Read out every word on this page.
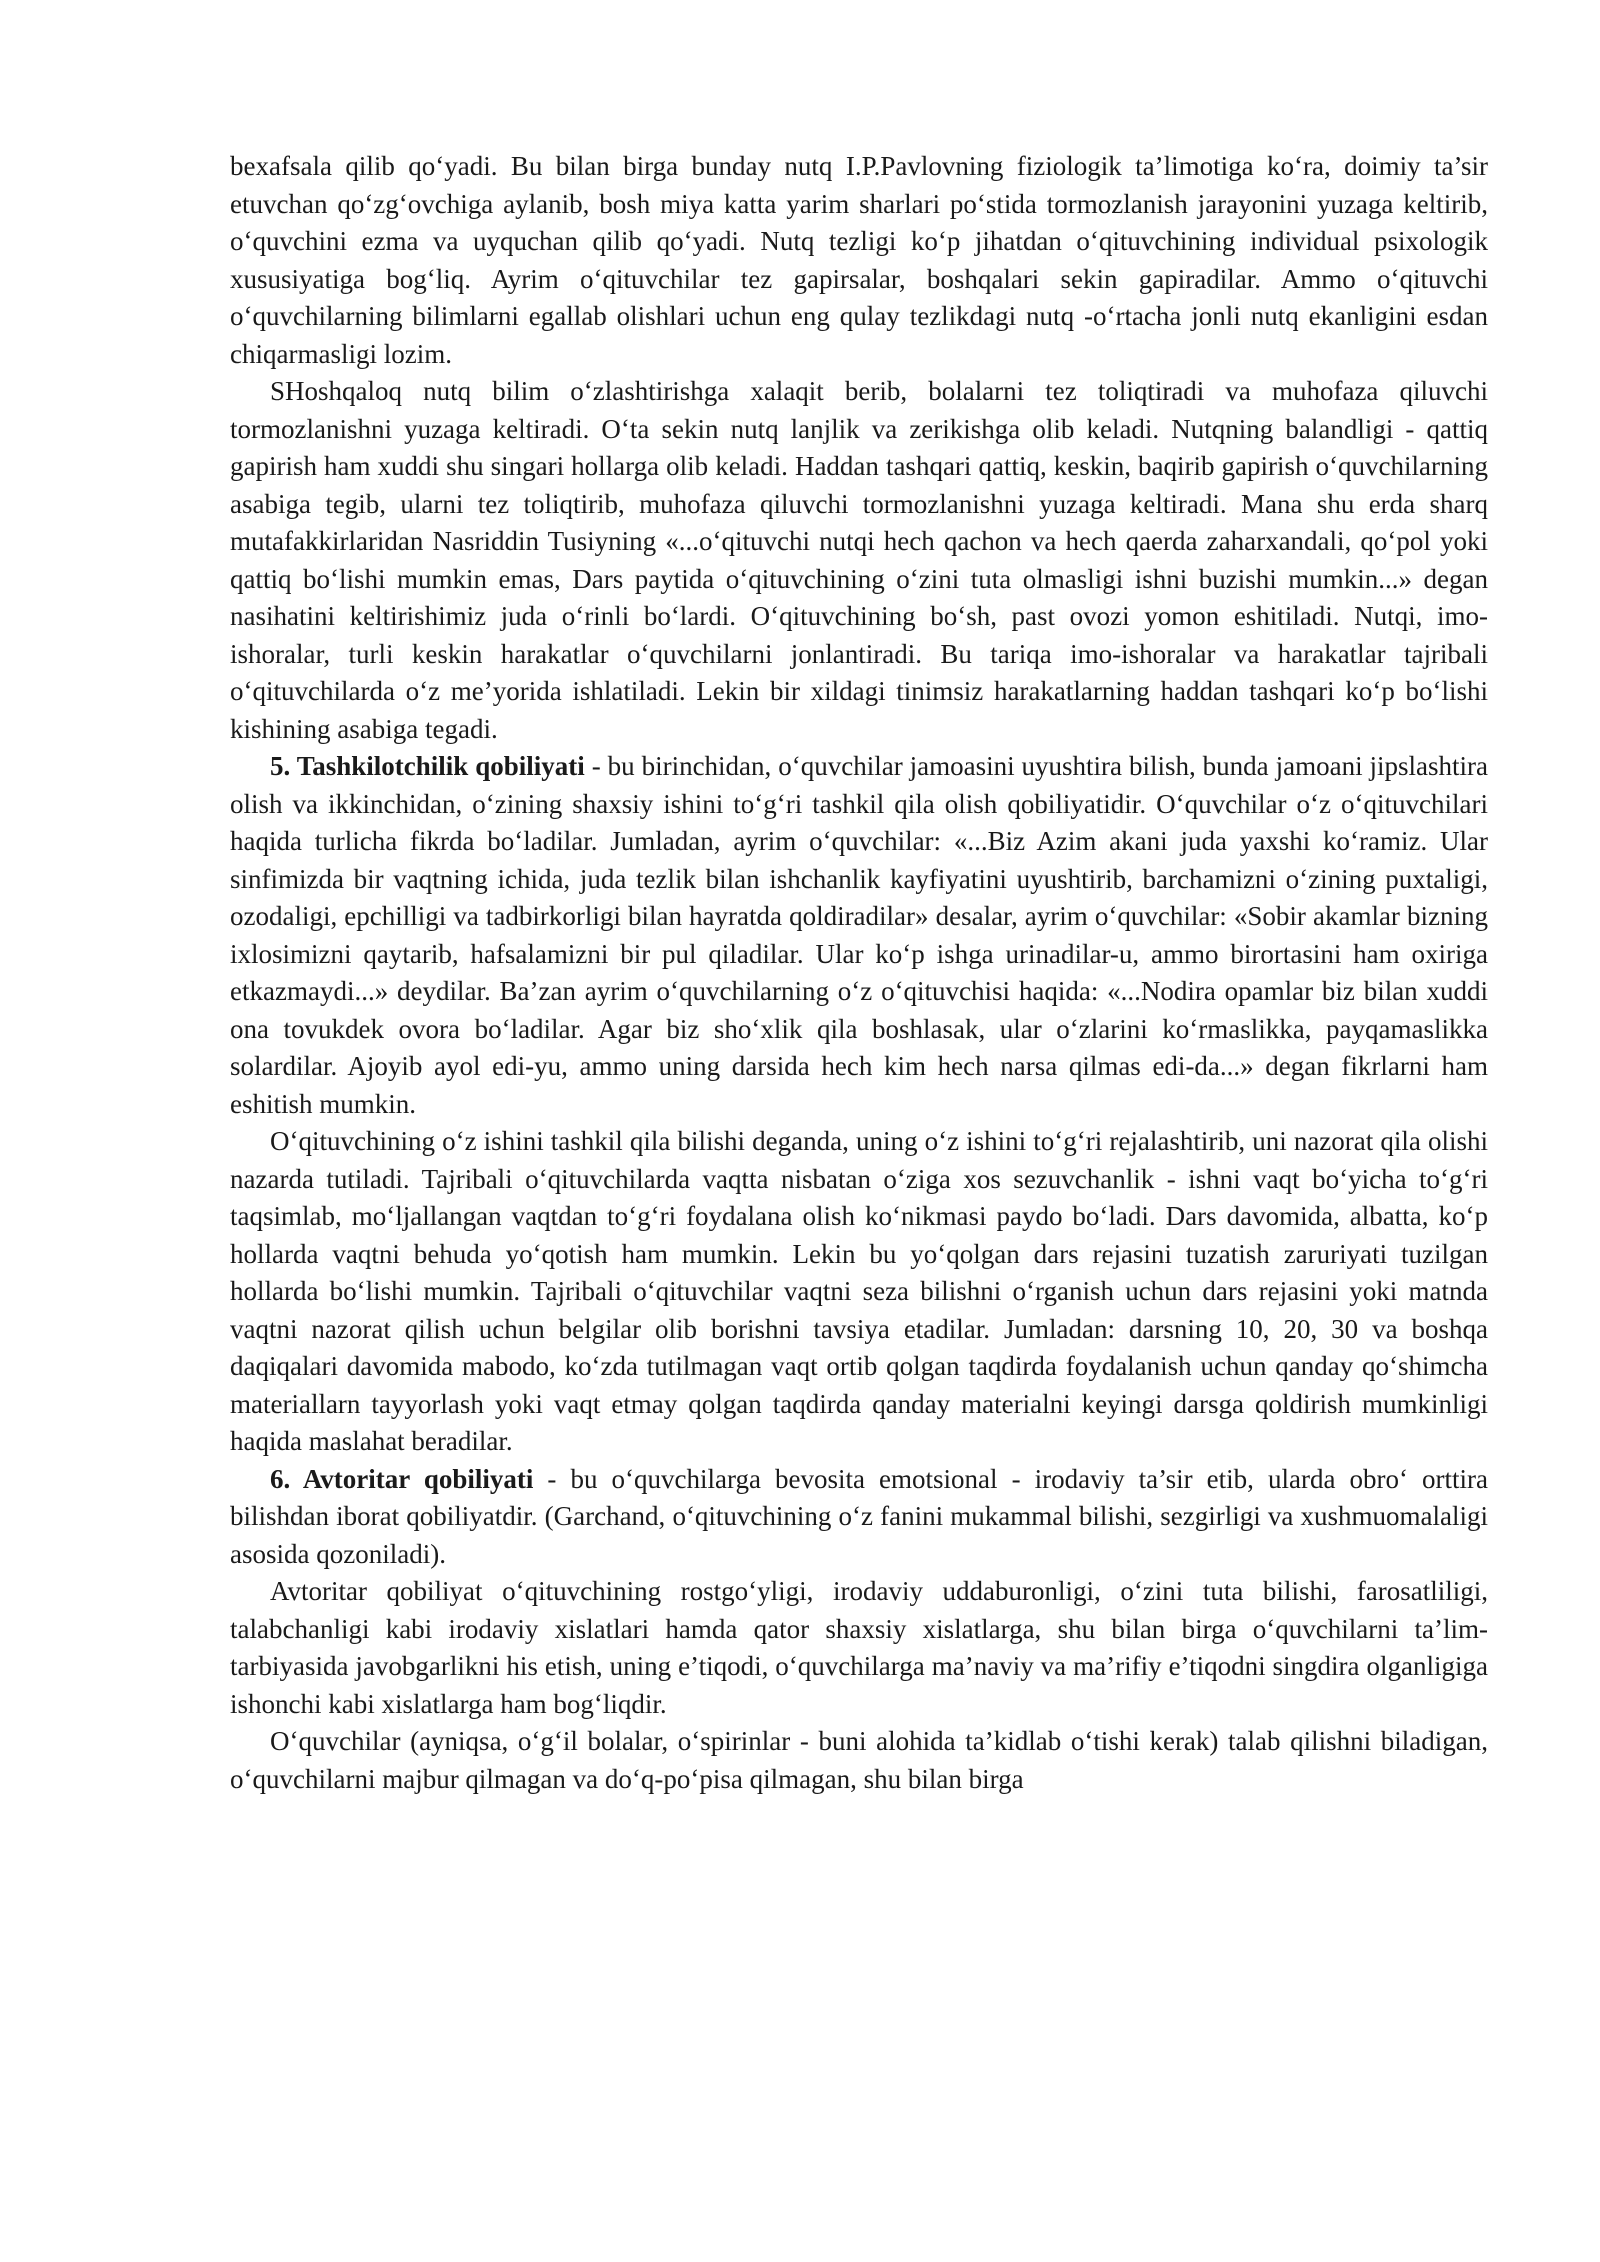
bexafsala qilib qo‘yadi. Bu bilan birga bunday nutq I.P.Pavlovning fiziologik ta’limotiga ko‘ra, doimiy ta’sir etuvchan qo‘zg‘ovchiga aylanib, bosh miya katta yarim sharlari po‘stida tormozlanish jarayonini yuzaga keltirib, o‘quvchini ezma va uyquchan qilib qo‘yadi. Nutq tezligi ko‘p jihatdan o‘qituvchining individual psixologik xususiyatiga bog‘liq. Ayrim o‘qituvchilar tez gapirsalar, boshqalari sekin gapiradilar. Ammo o‘qituvchi o‘quvchilarning bilimlarni egallab olishlari uchun eng qulay tezlikdagi nutq -o‘rtacha jonli nutq ekanligini esdan chiqarmasligi lozim.

SHoshqaloq nutq bilim o‘zlashtirishga xalaqit berib, bolalarni tez toliqtiradi va muhofaza qiluvchi tormozlanishni yuzaga keltiradi. O‘ta sekin nutq lanjlik va zerikishga olib keladi. Nutqning balandligi - qattiq gapirish ham xuddi shu singari hollarga olib keladi. Haddan tashqari qattiq, keskin, baqirib gapirish o‘quvchilarning asabiga tegib, ularni tez toliqtirib, muhofaza qiluvchi tormozlanishni yuzaga keltiradi. Mana shu erda sharq mutafakkirlaridan Nasriddin Tusiyning «...o‘qituvchi nutqi hech qachon va hech qaerda zaharxandali, qo‘pol yoki qattiq bo‘lishi mumkin emas, Dars paytida o‘qituvchining o‘zini tuta olmasligi ishni buzishi mumkin...» degan nasihatini keltirishimiz juda o‘rinli bo‘lardi. O‘qituvchining bo‘sh, past ovozi yomon eshitiladi. Nutqi, imo-ishoralar, turli keskin harakatlar o‘quvchilarni jonlantiradi. Bu tariqa imo-ishoralar va harakatlar tajribali o‘qituvchilarda o‘z me’yorida ishlatiladi. Lekin bir xildagi tinimsiz harakatlarning haddan tashqari ko‘p bo‘lishi kishining asabiga tegadi.

5. Tashkilotchilik qobiliyati - bu birinchidan, o‘quvchilar jamoasini uyushtira bilish, bunda jamoani jipslashtira olish va ikkinchidan, o‘zining shaxsiy ishini to‘g‘ri tashkil qila olish qobiliyatidir. O‘quvchilar o‘z o‘qituvchilari haqida turlicha fikrda bo‘ladilar. Jumladan, ayrim o‘quvchilar: «...Biz Azim akani juda yaxshi ko‘ramiz. Ular sinfimizda bir vaqtning ichida, juda tezlik bilan ishchanlik kayfiyatini uyushtirib, barchamizni o‘zining puxtaligi, ozodaligi, epchilligi va tadbirkorligi bilan hayratda qoldiradilar» desalar, ayrim o‘quvchilar: «Sobir akamlar bizning ixlosimizni qaytarib, hafsalamizni bir pul qiladilar. Ular ko‘p ishga urinadilar-u, ammo birortasini ham oxiriga etkazmaydi...» deydilar. Ba’zan ayrim o‘quvchilarning o‘z o‘qituvchisi haqida: «...Nodira opamlar biz bilan xuddi ona tovukdek ovora bo‘ladilar. Agar biz sho‘xlik qila boshlasak, ular o‘zlarini ko‘rmaslikka, payqamaslikka solardilar. Ajoyib ayol edi-yu, ammo uning darsida hech kim hech narsa qilmas edi-da...» degan fikrlarni ham eshitish mumkin.

O‘qituvchining o‘z ishini tashkil qila bilishi deganda, uning o‘z ishini to‘g‘ri rejalashtirib, uni nazorat qila olishi nazarda tutiladi. Tajribali o‘qituvchilarda vaqtta nisbatan o‘ziga xos sezuvchanlik - ishni vaqt bo‘yicha to‘g‘ri taqsimlab, mo‘ljallangan vaqtdan to‘g‘ri foydalana olish ko‘nikmasi paydo bo‘ladi. Dars davomida, albatta, ko‘p hollarda vaqtni behuda yo‘qotish ham mumkin. Lekin bu yo‘qolgan dars rejasini tuzatish zaruriyati tuzilgan hollarda bo‘lishi mumkin. Tajribali o‘qituvchilar vaqtni seza bilishni o‘rganish uchun dars rejasini yoki matnda vaqtni nazorat qilish uchun belgilar olib borishni tavsiya etadilar. Jumladan: darsning 10, 20, 30 va boshqa daqiqalari davomida mabodo, ko‘zda tutilmagan vaqt ortib qolgan taqdirda foydalanish uchun qanday qo‘shimcha materiallarn tayyorlash yoki vaqt etmay qolgan taqdirda qanday materialni keyingi darsga qoldirish mumkinligi haqida maslahat beradilar.

6. Avtoritar qobiliyati - bu o‘quvchilarga bevosita emotsional - irodaviy ta’sir etib, ularda obro‘ orttira bilishdan iborat qobiliyatdir. (Garchand, o‘qituvchining o‘z fanini mukammal bilishi, sezgirligi va xushmuomalaligi asosida qozoniladi).

Avtoritar qobiliyat o‘qituvchining rostgo‘yligi, irodaviy uddaburonligi, o‘zini tuta bilishi, farosatliligi, talabchanligi kabi irodaviy xislatlari hamda qator shaxsiy xislatlarga, shu bilan birga o‘quvchilarni ta’lim-tarbiyasida javobgarlikni his etish, uning e’tiqodi, o‘quvchilarga ma’naviy va ma’rifiy e’tiqodni singdira olganligiga ishonchi kabi xislatlarga ham bog‘liqdir.

O‘quvchilar (ayniqsa, o‘g‘il bolalar, o‘spirinlar - buni alohida ta’kidlab o‘tishi kerak) talab qilishni biladigan, o‘quvchilarni majbur qilmagan va do‘q-po‘pisa qilmagan, shu bilan birga
